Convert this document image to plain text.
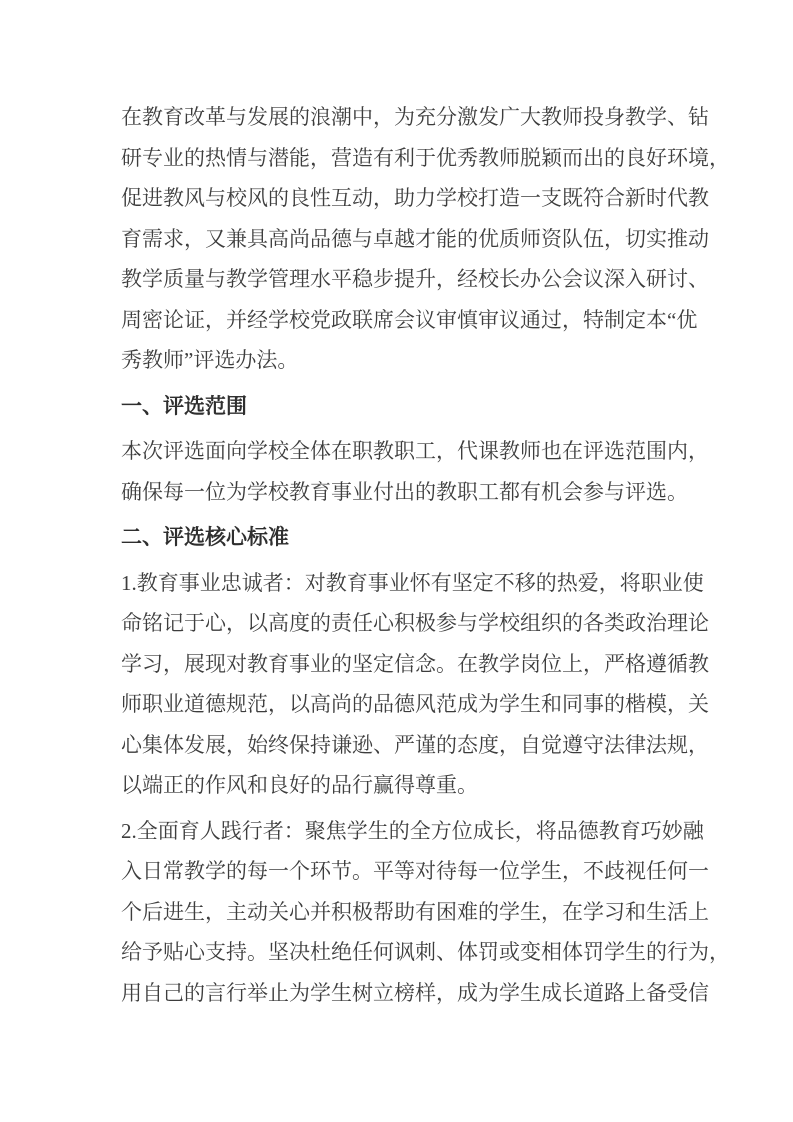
在教育改革与发展的浪潮中，为充分激发广大教师投身教学、钻
研专业的热情与潜能，营造有利于优秀教师脱颖而出的良好环境，
促进教风与校风的良性互动，助力学校打造一支既符合新时代教
育需求，又兼具高尚品德与卓越才能的优质师资队伍，切实推动
教学质量与教学管理水平稳步提升，经校长办公会议深入研讨、
周密论证，并经学校党政联席会议审慎审议通过，特制定本“优
秀教师”评选办法。
一、评选范围
本次评选面向学校全体在职教职工，代课教师也在评选范围内，
确保每一位为学校教育事业付出的教职工都有机会参与评选。
二、评选核心标准
1.教育事业忠诚者：对教育事业怀有坚定不移的热爱，将职业使
命铭记于心，以高度的责任心积极参与学校组织的各类政治理论
学习，展现对教育事业的坚定信念。在教学岗位上，严格遵循教
师职业道德规范，以高尚的品德风范成为学生和同事的楷模，关
心集体发展，始终保持谦逊、严谨的态度，自觉遵守法律法规，
以端正的作风和良好的品行赢得尊重。
2.全面育人践行者：聚焦学生的全方位成长，将品德教育巧妙融
入日常教学的每一个环节。平等对待每一位学生，不歧视任何一
个后进生，主动关心并积极帮助有困难的学生，在学习和生活上
给予贴心支持。坚决杜绝任何讽刺、体罚或变相体罚学生的行为，
用自己的言行举止为学生树立榜样，成为学生成长道路上备受信
